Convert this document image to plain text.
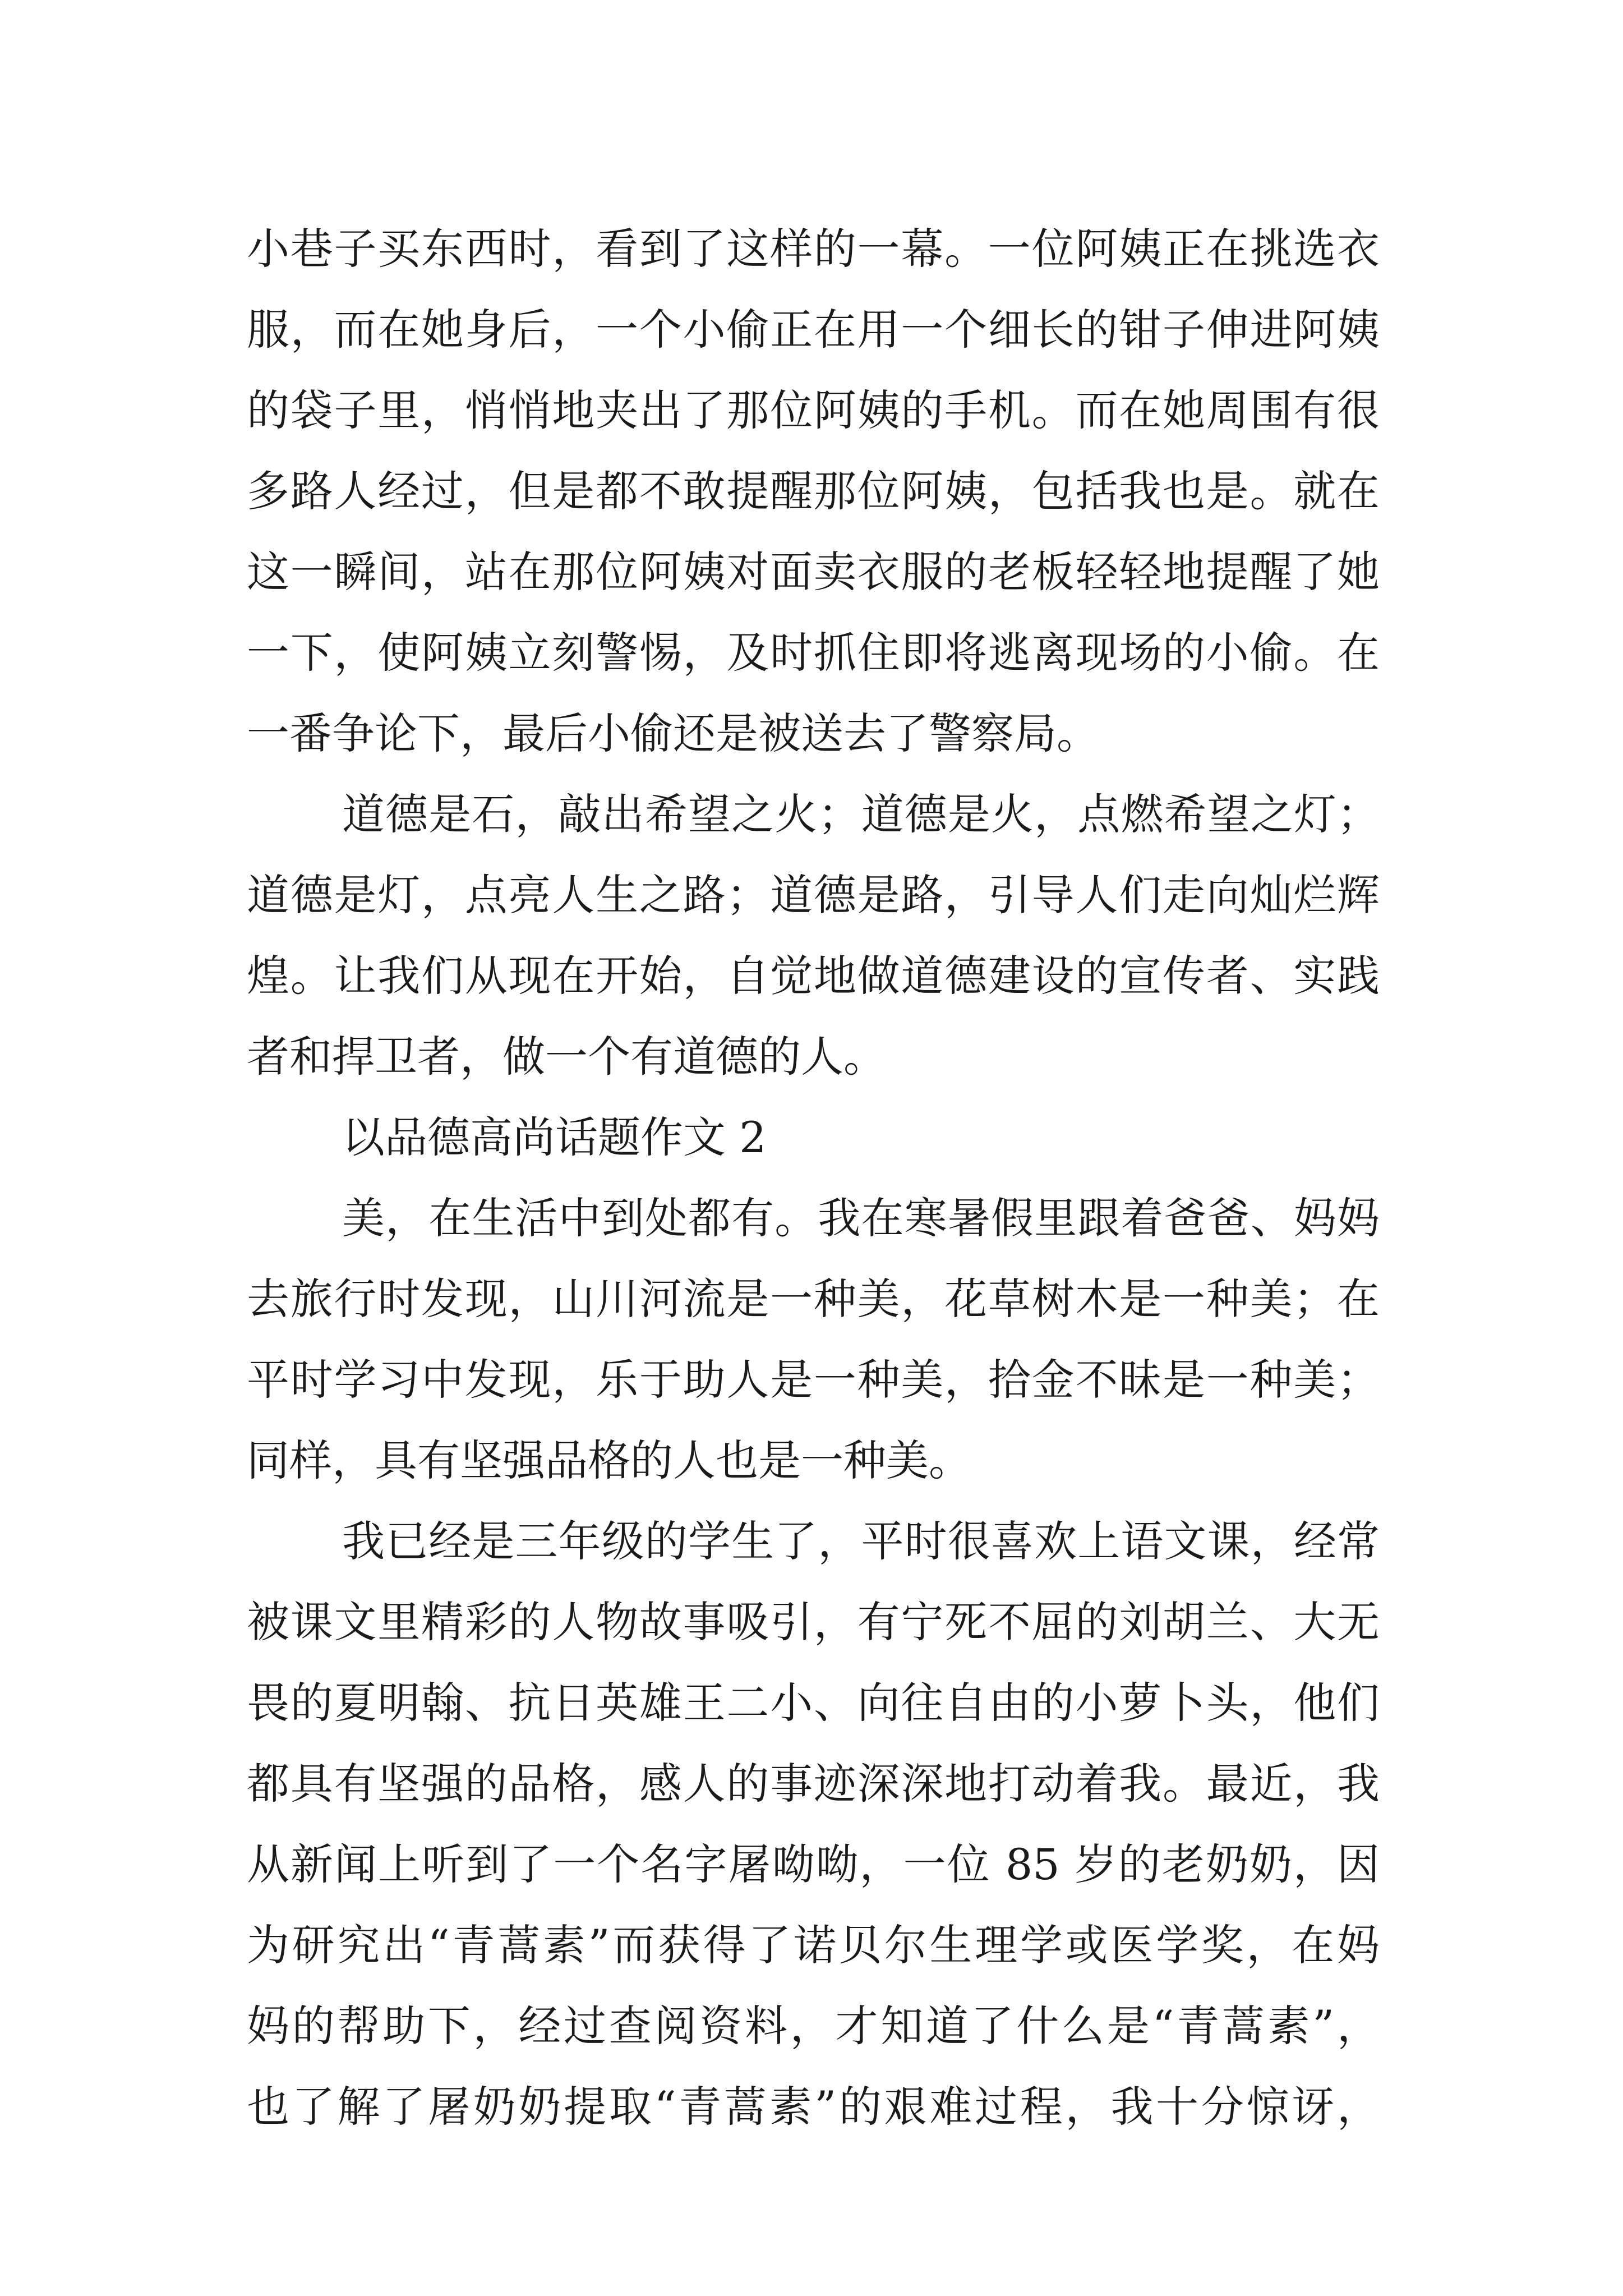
小巷子买东西时，看到了这样的一幕。一位阿姨正在挑选衣
服，而在她身后，一个小偷正在用一个细长的钳子伸进阿姨
的袋子里，悄悄地夹出了那位阿姨的手机。而在她周围有很
多路人经过，但是都不敢提醒那位阿姨，包括我也是。就在
这一瞬间，站在那位阿姨对面卖衣服的老板轻轻地提醒了她
一下，使阿姨立刻警惕，及时抓住即将逃离现场的小偷。在
一番争论下，最后小偷还是被送去了警察局。
道德是石，敲出希望之火；道德是火，点燃希望之灯；
道德是灯，点亮人生之路；道德是路，引导人们走向灿烂辉
煌。让我们从现在开始，自觉地做道德建设的宣传者、实践
者和捍卫者，做一个有道德的人。
以品德高尚话题作文 2
美，在生活中到处都有。我在寒暑假里跟着爸爸、妈妈
去旅行时发现，山川河流是一种美，花草树木是一种美；在
平时学习中发现，乐于助人是一种美，拾金不昧是一种美；
同样，具有坚强品格的人也是一种美。
我已经是三年级的学生了，平时很喜欢上语文课，经常
被课文里精彩的人物故事吸引，有宁死不屈的刘胡兰、大无
畏的夏明翰、抗日英雄王二小、向往自由的小萝卜头，他们
都具有坚强的品格，感人的事迹深深地打动着我。最近，我
从新闻上听到了一个名字屠呦呦，一位 85 岁的老奶奶，因
为研究出“青蒿素”而获得了诺贝尔生理学或医学奖，在妈
妈的帮助下，经过查阅资料，才知道了什么是“青蒿素”，
也了解了屠奶奶提取“青蒿素”的艰难过程，我十分惊讶，
